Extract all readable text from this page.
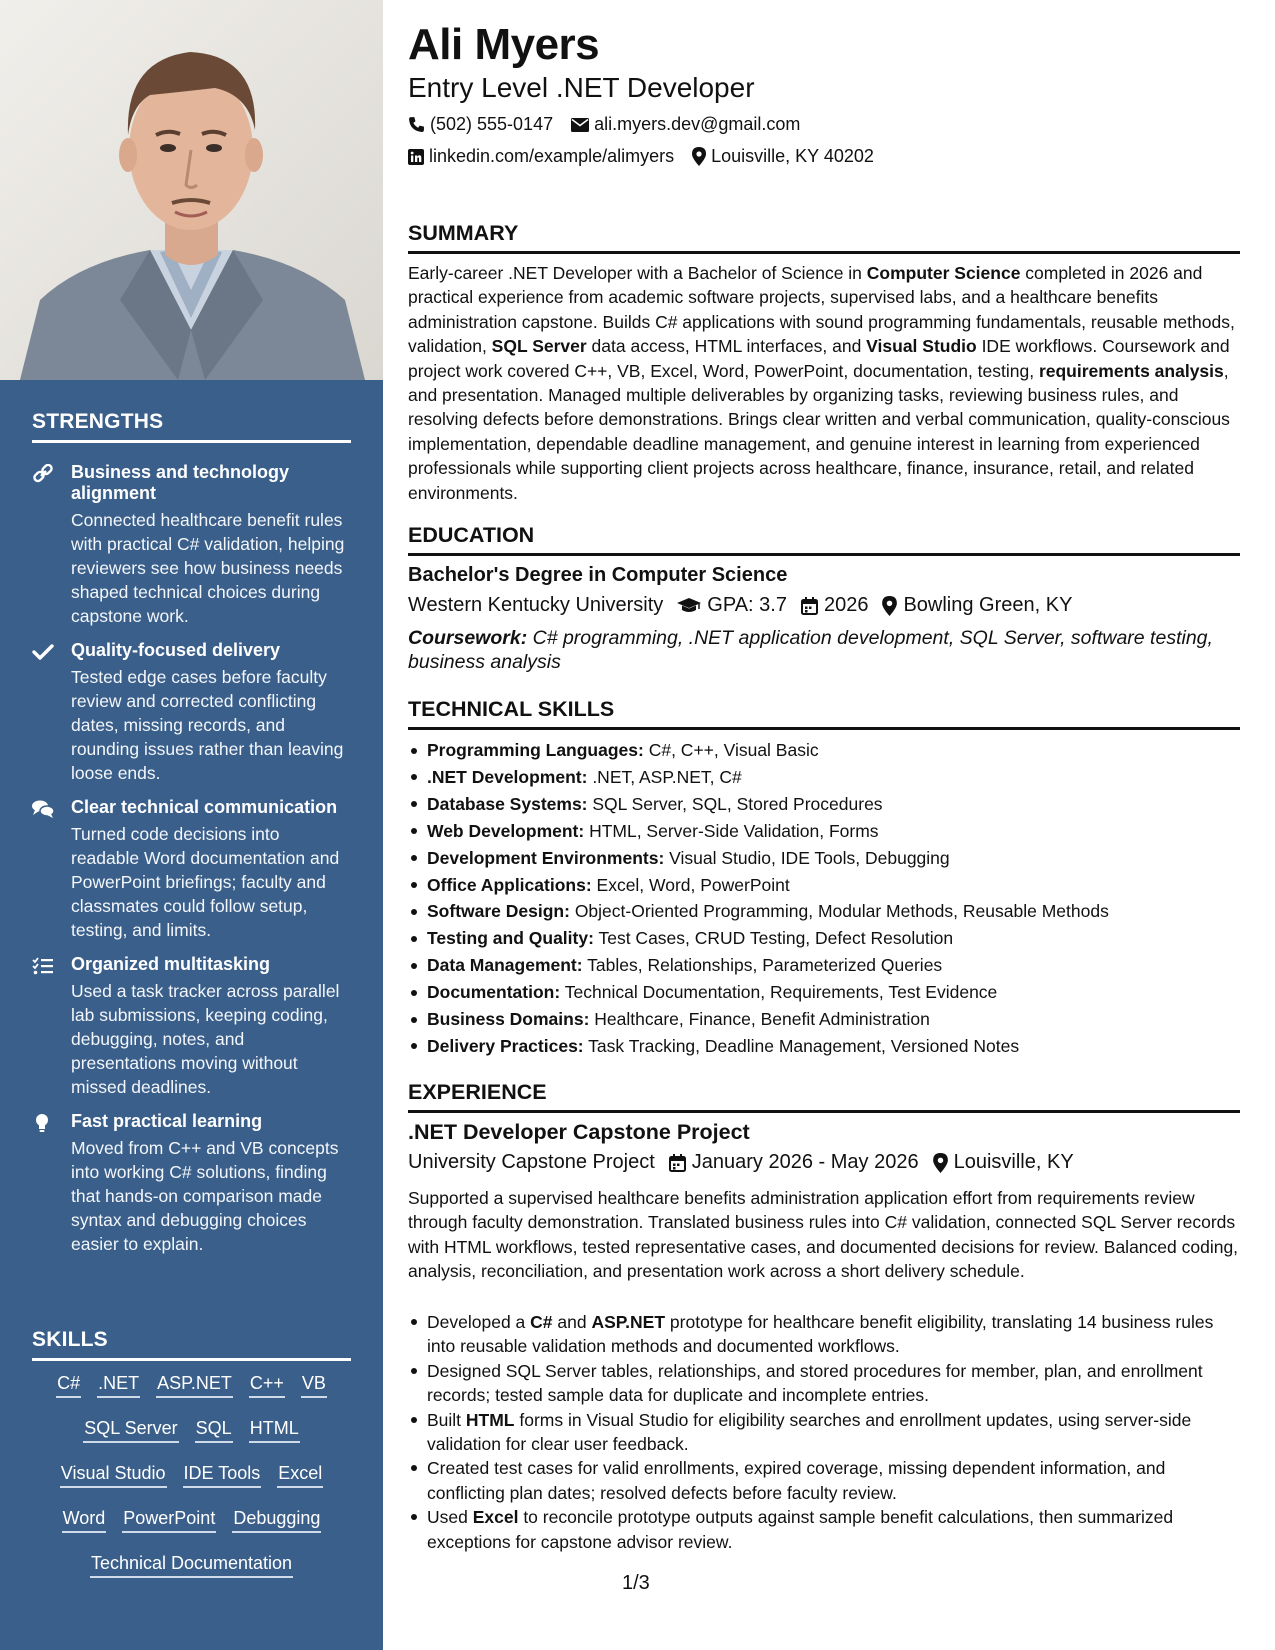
STRENGTHS
Business and technology alignment
Connected healthcare benefit rules with practical C# validation, helping reviewers see how business needs shaped technical choices during capstone work.
Quality-focused delivery
Tested edge cases before faculty review and corrected conflicting dates, missing records, and rounding issues rather than leaving loose ends.
Clear technical communication
Turned code decisions into readable Word documentation and PowerPoint briefings; faculty and classmates could follow setup, testing, and limits.
Organized multitasking
Used a task tracker across parallel lab submissions, keeping coding, debugging, notes, and presentations moving without missed deadlines.
Fast practical learning
Moved from C++ and VB concepts into working C# solutions, finding that hands-on comparison made syntax and debugging choices easier to explain.
SKILLS
C# .NET ASP.NET C++ VB
SQL Server SQL HTML
Visual Studio IDE Tools Excel
Word PowerPoint Debugging
Technical Documentation
Ali Myers
Entry Level .NET Developer
(502) 555-0147 ali.myers.dev@gmail.com
linkedin.com/example/alimyers Louisville, KY 40202
SUMMARY
Early-career .NET Developer with a Bachelor of Science in Computer Science completed in 2026 and practical experience from academic software projects, supervised labs, and a healthcare benefits administration capstone. Builds C# applications with sound programming fundamentals, reusable methods, validation, SQL Server data access, HTML interfaces, and Visual Studio IDE workflows. Coursework and project work covered C++, VB, Excel, Word, PowerPoint, documentation, testing, requirements analysis, and presentation. Managed multiple deliverables by organizing tasks, reviewing business rules, and resolving defects before demonstrations. Brings clear written and verbal communication, quality-conscious implementation, dependable deadline management, and genuine interest in learning from experienced professionals while supporting client projects across healthcare, finance, insurance, retail, and related environments.
EDUCATION
Bachelor's Degree in Computer Science
Western Kentucky University GPA: 3.7 2026 Bowling Green, KY
Coursework: C# programming, .NET application development, SQL Server, software testing, business analysis
TECHNICAL SKILLS
Programming Languages: C#, C++, Visual Basic
.NET Development: .NET, ASP.NET, C#
Database Systems: SQL Server, SQL, Stored Procedures
Web Development: HTML, Server-Side Validation, Forms
Development Environments: Visual Studio, IDE Tools, Debugging
Office Applications: Excel, Word, PowerPoint
Software Design: Object-Oriented Programming, Modular Methods, Reusable Methods
Testing and Quality: Test Cases, CRUD Testing, Defect Resolution
Data Management: Tables, Relationships, Parameterized Queries
Documentation: Technical Documentation, Requirements, Test Evidence
Business Domains: Healthcare, Finance, Benefit Administration
Delivery Practices: Task Tracking, Deadline Management, Versioned Notes
EXPERIENCE
.NET Developer Capstone Project
University Capstone Project January 2026 - May 2026 Louisville, KY
Supported a supervised healthcare benefits administration application effort from requirements review through faculty demonstration. Translated business rules into C# validation, connected SQL Server records with HTML workflows, tested representative cases, and documented decisions for review. Balanced coding, analysis, reconciliation, and presentation work across a short delivery schedule.
Developed a C# and ASP.NET prototype for healthcare benefit eligibility, translating 14 business rules into reusable validation methods and documented workflows.
Designed SQL Server tables, relationships, and stored procedures for member, plan, and enrollment records; tested sample data for duplicate and incomplete entries.
Built HTML forms in Visual Studio for eligibility searches and enrollment updates, using server-side validation for clear user feedback.
Created test cases for valid enrollments, expired coverage, missing dependent information, and conflicting plan dates; resolved defects before faculty review.
Used Excel to reconcile prototype outputs against sample benefit calculations, then summarized exceptions for capstone advisor review.
1/3
